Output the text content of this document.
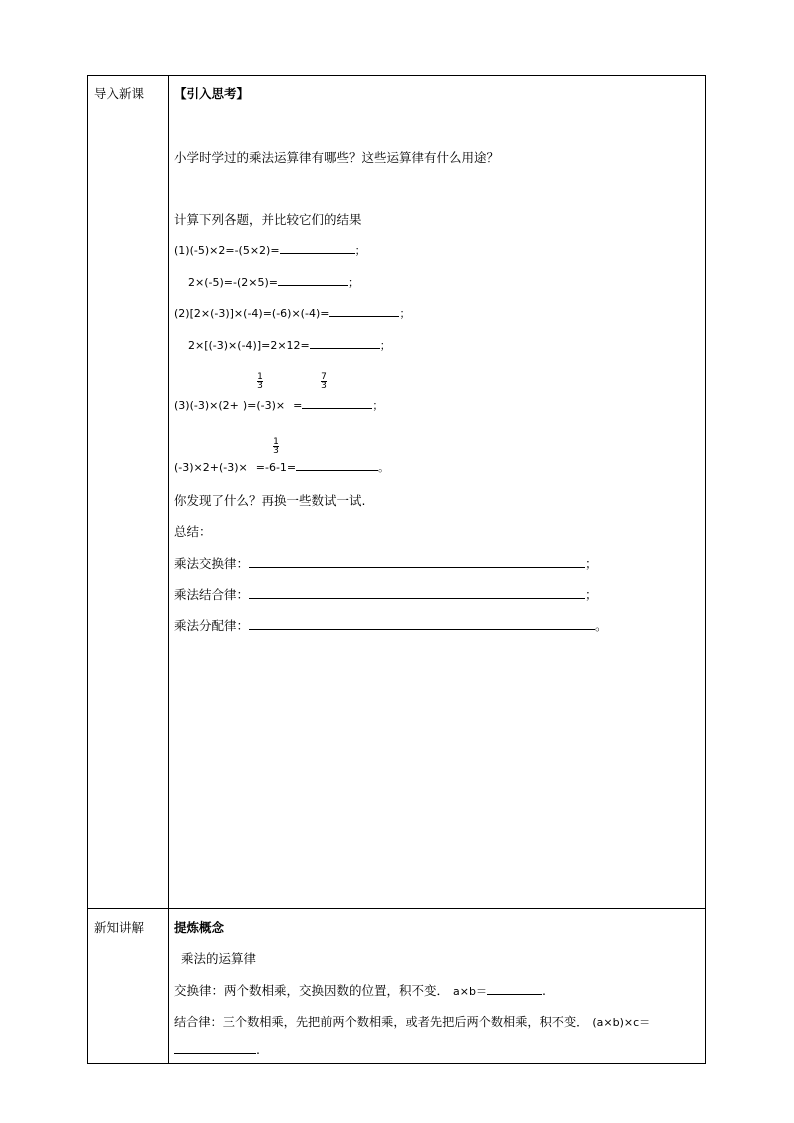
导入新课 【引入思考】
小学时学过的乘法运算律有哪些？这些运算律有什么用途？
计算下列各题，并比较它们的结果
(1)(-5)×2=-(5×2)=	；
2×(-5)=-(2×5)=	；
(2)[2×(-3)]×(-4)=(-6)×(-4)=	；
2×[(-3)×(-4)]=2×12=	；
1
3
7
3
(3)(-3)×(2+ )=(-3)× =	；
1
3
(-3)×2+(-3)× =-6-1=	。
你发现了什么？再换一些数试一试.
总结：
乘法交换律：	；
乘法结合律：	；
乘法分配律：	。
新知讲解 提炼概念
乘法的运算律
交换律：两个数相乘，交换因数的位置，积不变． a×b＝	.
结合律：三个数相乘，先把前两个数相乘，或者先把后两个数相乘，积不变． (a×b)×c＝
.
